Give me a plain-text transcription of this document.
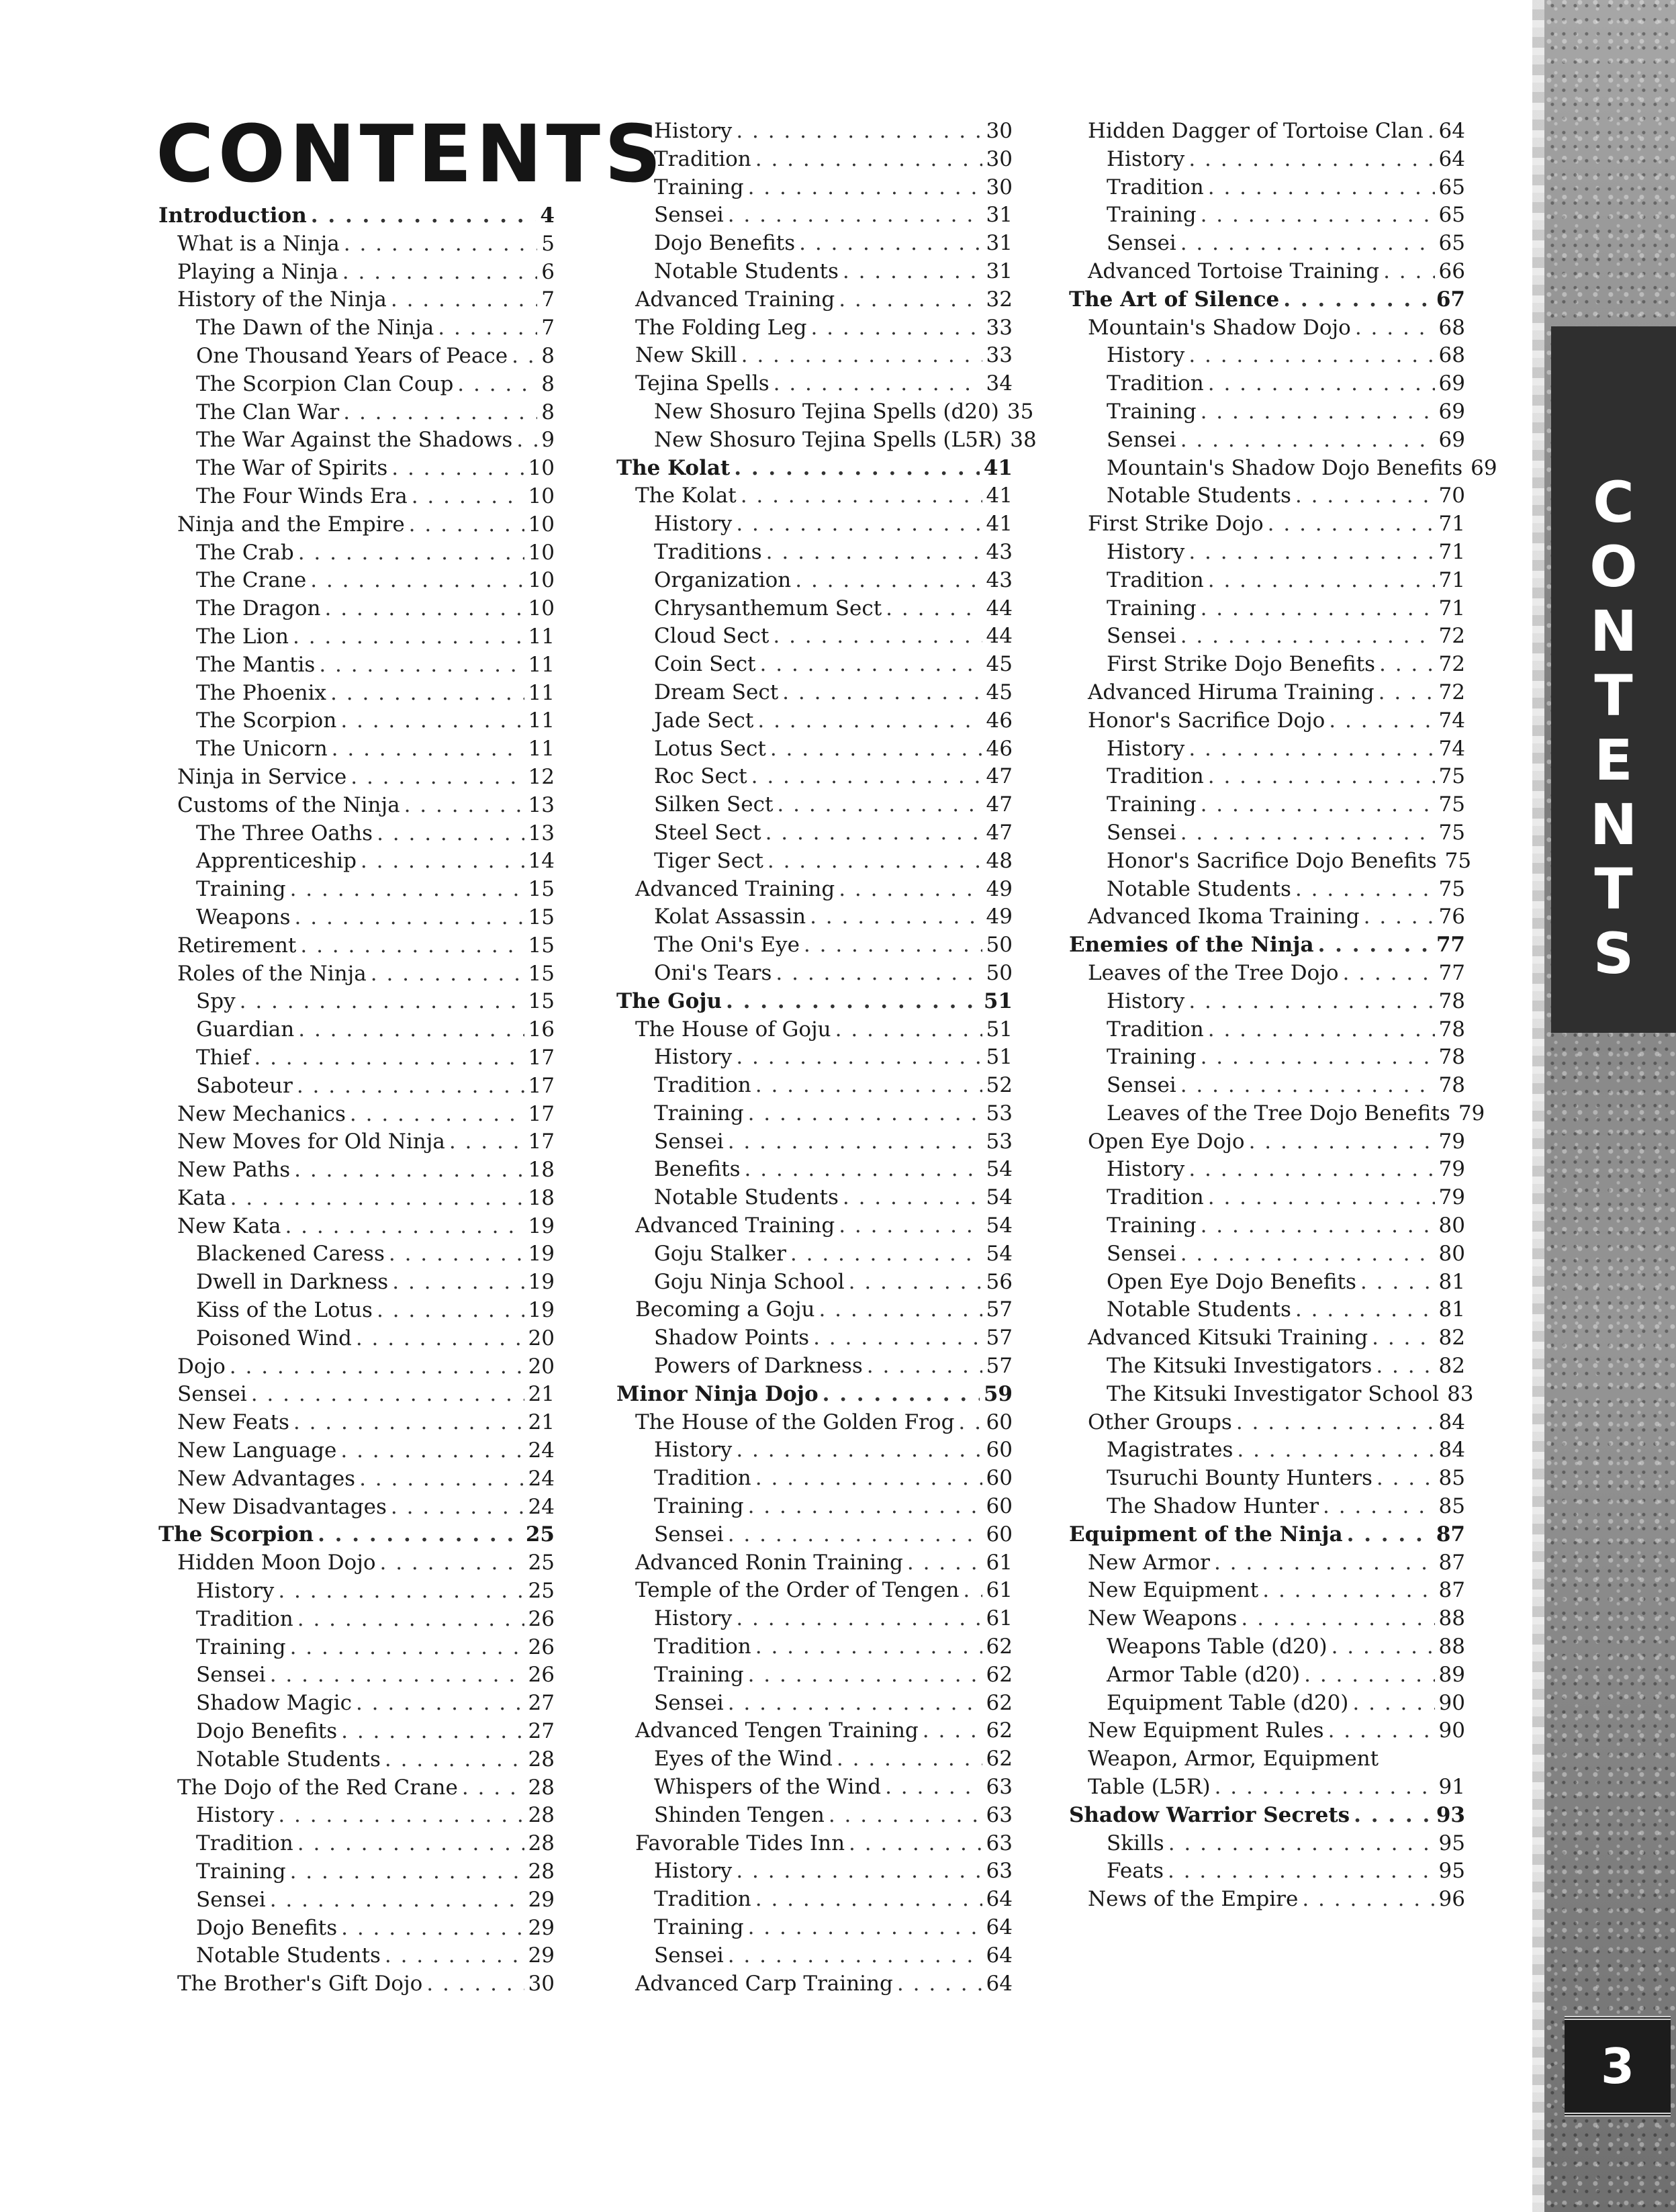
CONTENTS
Introduction . . .	4
What is a Ninja . . .	5
Playing a Ninja . . .	6
History of the Ninja . . .	7
The Dawn of the Ninja . . .	7
One Thousand Years of Peace . . . 8
The Scorpion Clan Coup . . .	8
The Clan War . . .	8
The War Against the Shadows . . . 9
The War of Spirits . . .	10
The Four Winds Era . . .	10
Ninja and the Empire . . .	10
The Crab . . .	10
The Crane . . .	10
The Dragon . . .	10
The Lion . . .	11
The Mantis . . .	11
The Phoenix . . .	11
The Scorpion . . .	11
The Unicorn . . .	11
Ninja in Service . . .	12
Customs of the Ninja . . .	13
The Three Oaths . . .	13
Apprenticeship . . .	14
Training . . .	15
Weapons . . .	15
Retirement . . .	15
Roles of the Ninja . . .	15
Spy . . .	15
Guardian . . .	16
Thief . . .	17
Saboteur . . .	17
New Mechanics . . .	17
New Moves for Old Ninja . . .	17
New Paths . . .	18
Kata . . .	18
New Kata . . .	19
Blackened Caress . . .	19
Dwell in Darkness . . .	19
Kiss of the Lotus . . .	19
Poisoned Wind . . .	20
Dojo . . .	20
Sensei . . .	21
New Feats . . .	21
New Language . . .	24
New Advantages . . .	24
New Disadvantages . . .	24
The Scorpion . . .	25
Hidden Moon Dojo . . .	25
History . . .	25
Tradition . . .	26
Training . . .	26
Sensei . . .	26
Shadow Magic . . .	27
Dojo Benefits . . .	27
Notable Students . . .	28
The Dojo of the Red Crane . . .	28
History . . .	28
Tradition . . .	28
Training . . .	28
Sensei . . .	29
Dojo Benefits . . .	29
Notable Students . . .	29
The Brother's Gift Dojo . . .	30
History . . .	30
Tradition . . .	30
Training . . .	30
Sensei . . .	31
Dojo Benefits . . .	31
Notable Students . . .	31
Advanced Training . . .	32
The Folding Leg . . .	33
New Skill . . .	33
Tejina Spells . . .	34
New Shosuro Tejina Spells (d20) 35
New Shosuro Tejina Spells (L5R) 38
The Kolat . . .	41
The Kolat . . .	41
History . . .	41
Traditions . . .	43
Organization . . .	43
Chrysanthemum Sect . . .	44
Cloud Sect . . .	44
Coin Sect . . .	45
Dream Sect . . .	45
Jade Sect . . .	46
Lotus Sect . . .	46
Roc Sect . . .	47
Silken Sect . . .	47
Steel Sect . . .	47
Tiger Sect . . .	48
Advanced Training . . .	49
Kolat Assassin . . .	49
The Oni's Eye . . .	50
Oni's Tears . . .	50
The Goju . . .	51
The House of Goju . . .	51
History . . .	51
Tradition . . .	52
Training . . .	53
Sensei . . .	53
Benefits . . .	54
Notable Students . . .	54
Advanced Training . . .	54
Goju Stalker . . .	54
Goju Ninja School . . .	56
Becoming a Goju . . .	57
Shadow Points . . .	57
Powers of Darkness . . .	57
Minor Ninja Dojo . . .	59
The House of the Golden Frog . . . 60
History . . .	60
Tradition . . .	60
Training . . .	60
Sensei . . .	60
Advanced Ronin Training . . .	61
Temple of the Order of Tengen . . . 61
History . . .	61
Tradition . . .	62
Training . . .	62
Sensei . . .	62
Advanced Tengen Training . . .	62
Eyes of the Wind . . .	62
Whispers of the Wind . . .	63
Shinden Tengen . . .	63
Favorable Tides Inn . . .	63
History . . .	63
Tradition . . .	64
Training . . .	64
Sensei . . .	64
Advanced Carp Training . . .	64
Hidden Dagger of Tortoise Clan . . . 64
History . . .	64
Tradition . . .	65
Training . . .	65
Sensei . . .	65
Advanced Tortoise Training . . .	66
The Art of Silence . . .	67
Mountain's Shadow Dojo . . .	68
History . . .	68
Tradition . . .	69
Training . . .	69
Sensei . . .	69
Mountain's Shadow Dojo Benefits 69
Notable Students . . .	70
First Strike Dojo . . .	71
History . . .	71
Tradition . . .	71
Training . . .	71
Sensei . . .	72
First Strike Dojo Benefits . . .	72
Advanced Hiruma Training . . .	72
Honor's Sacrifice Dojo . . .	74
History . . .	74
Tradition . . .	75
Training . . .	75
Sensei . . .	75
Honor's Sacrifice Dojo Benefits 75
Notable Students . . .	75
Advanced Ikoma Training . . .	76
Enemies of the Ninja . . .	77
Leaves of the Tree Dojo . . .	77
History . . .	78
Tradition . . .	78
Training . . .	78
Sensei . . .	78
Leaves of the Tree Dojo Benefits 79
Open Eye Dojo . . .	79
History . . .	79
Tradition . . .	79
Training . . .	80
Sensei . . .	80
Open Eye Dojo Benefits . . .	81
Notable Students . . .	81
Advanced Kitsuki Training . . .	82
The Kitsuki Investigators . . .	82
The Kitsuki Investigator School 83
Other Groups . . .	84
Magistrates . . .	84
Tsuruchi Bounty Hunters . . .	85
The Shadow Hunter . . .	85
Equipment of the Ninja . . .	87
New Armor . . .	87
New Equipment . . .	87
New Weapons . . .	88
Weapons Table (d20) . . .	88
Armor Table (d20) . . .	89
Equipment Table (d20) . . .	90
New Equipment Rules . . .	90
Weapon, Armor, Equipment
Table (L5R) . . .	91
Shadow Warrior Secrets . . .	93
Skills . . .	95
Feats . . .	95
News of the Empire . . .	96
C
O
N
T
E
N
T
S
3
